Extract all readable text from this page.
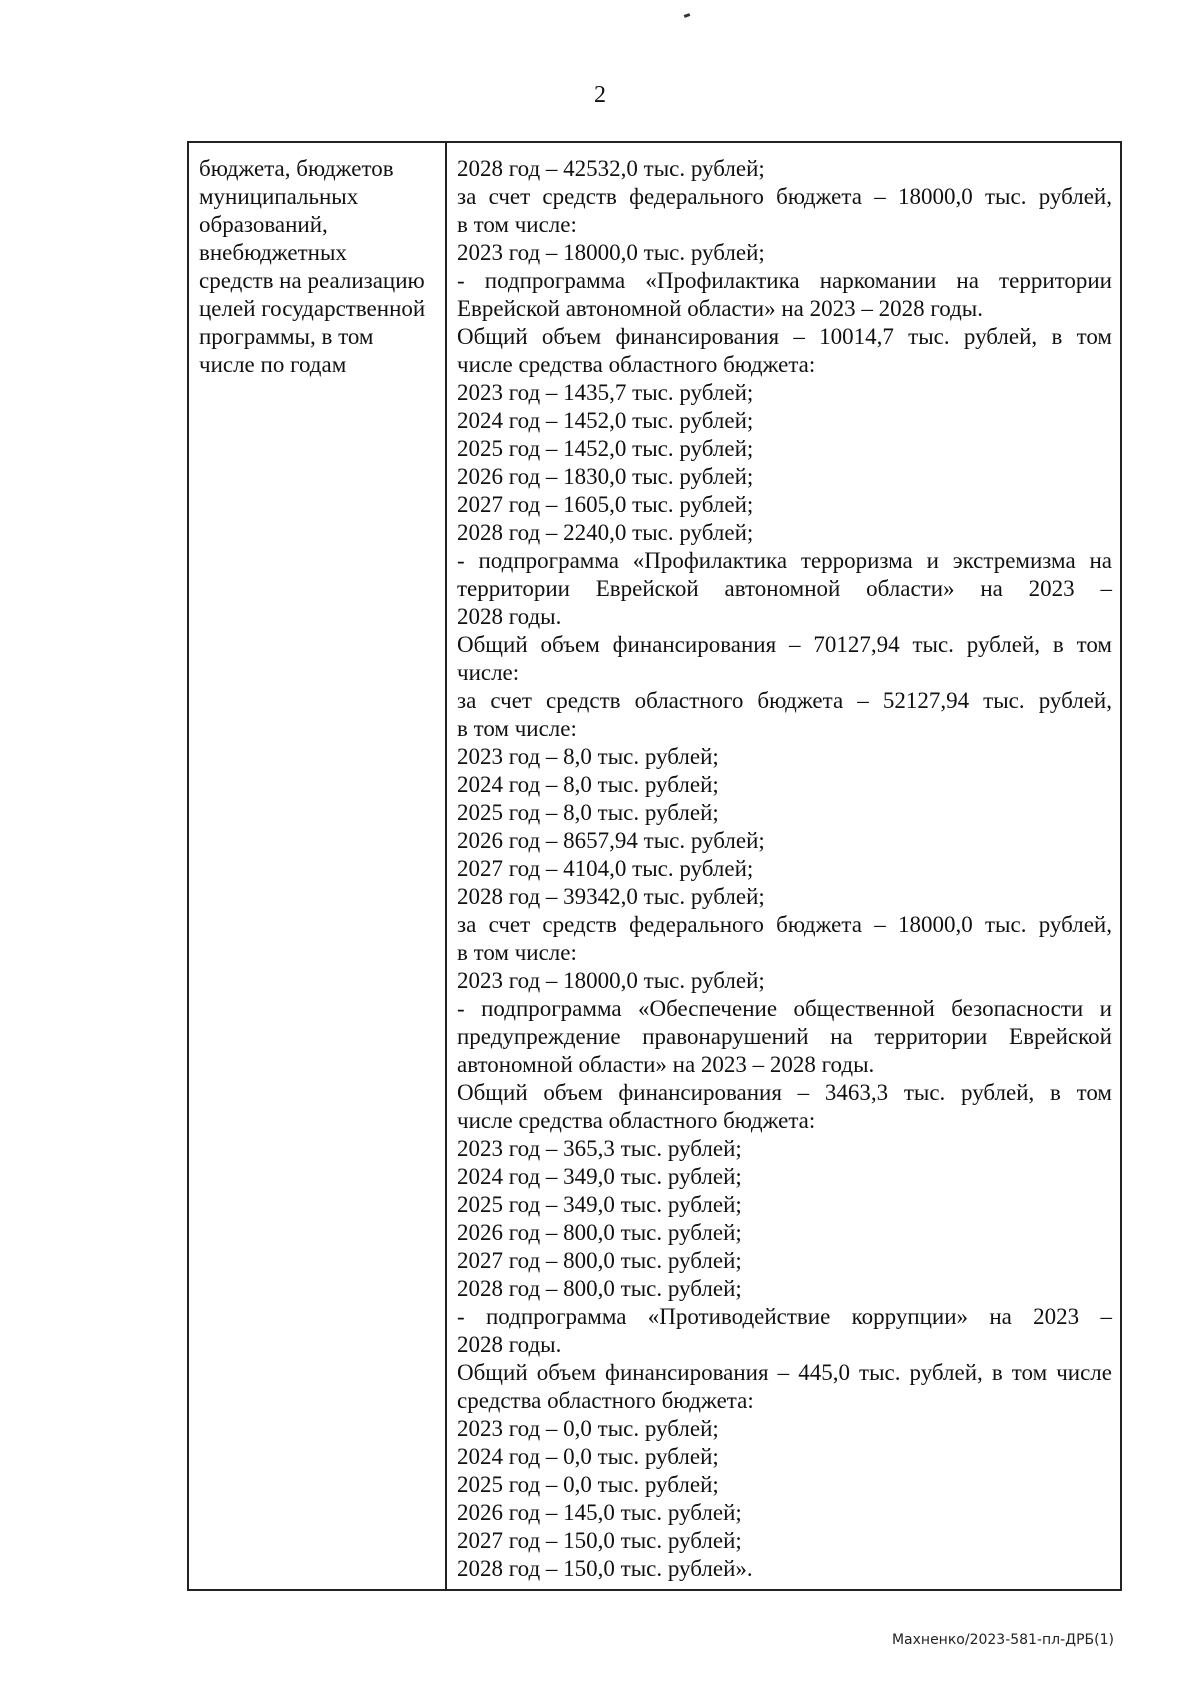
2
бюджета, бюджетов
муниципальных
образований,
внебюджетных
средств на реализацию
целей государственной
программы, в том
числе по годам
2028 год – 42532,0 тыс. рублей;
за счет средств федерального бюджета – 18000,0 тыс. рублей,
в том числе:
2023 год – 18000,0 тыс. рублей;
- подпрограмма «Профилактика наркомании на территории
Еврейской автономной области» на 2023 – 2028 годы.
Общий объем финансирования – 10014,7 тыс. рублей, в том
числе средства областного бюджета:
2023 год – 1435,7 тыс. рублей;
2024 год – 1452,0 тыс. рублей;
2025 год – 1452,0 тыс. рублей;
2026 год – 1830,0 тыс. рублей;
2027 год – 1605,0 тыс. рублей;
2028 год – 2240,0 тыс. рублей;
- подпрограмма «Профилактика терроризма и экстремизма на
территории Еврейской автономной области» на 2023 –
2028 годы.
Общий объем финансирования – 70127,94 тыс. рублей, в том
числе:
за счет средств областного бюджета – 52127,94 тыс. рублей,
в том числе:
2023 год – 8,0 тыс. рублей;
2024 год – 8,0 тыс. рублей;
2025 год – 8,0 тыс. рублей;
2026 год – 8657,94 тыс. рублей;
2027 год – 4104,0 тыс. рублей;
2028 год – 39342,0 тыс. рублей;
за счет средств федерального бюджета – 18000,0 тыс. рублей,
в том числе:
2023 год – 18000,0 тыс. рублей;
- подпрограмма «Обеспечение общественной безопасности и
предупреждение правонарушений на территории Еврейской
автономной области» на 2023 – 2028 годы.
Общий объем финансирования – 3463,3 тыс. рублей, в том
числе средства областного бюджета:
2023 год – 365,3 тыс. рублей;
2024 год – 349,0 тыс. рублей;
2025 год – 349,0 тыс. рублей;
2026 год – 800,0 тыс. рублей;
2027 год – 800,0 тыс. рублей;
2028 год – 800,0 тыс. рублей;
- подпрограмма «Противодействие коррупции» на 2023 –
2028 годы.
Общий объем финансирования – 445,0 тыс. рублей, в том числе
средства областного бюджета:
2023 год – 0,0 тыс. рублей;
2024 год – 0,0 тыс. рублей;
2025 год – 0,0 тыс. рублей;
2026 год – 145,0 тыс. рублей;
2027 год – 150,0 тыс. рублей;
2028 год – 150,0 тыс. рублей».
Махненко/2023-581-пл-ДРБ(1)
